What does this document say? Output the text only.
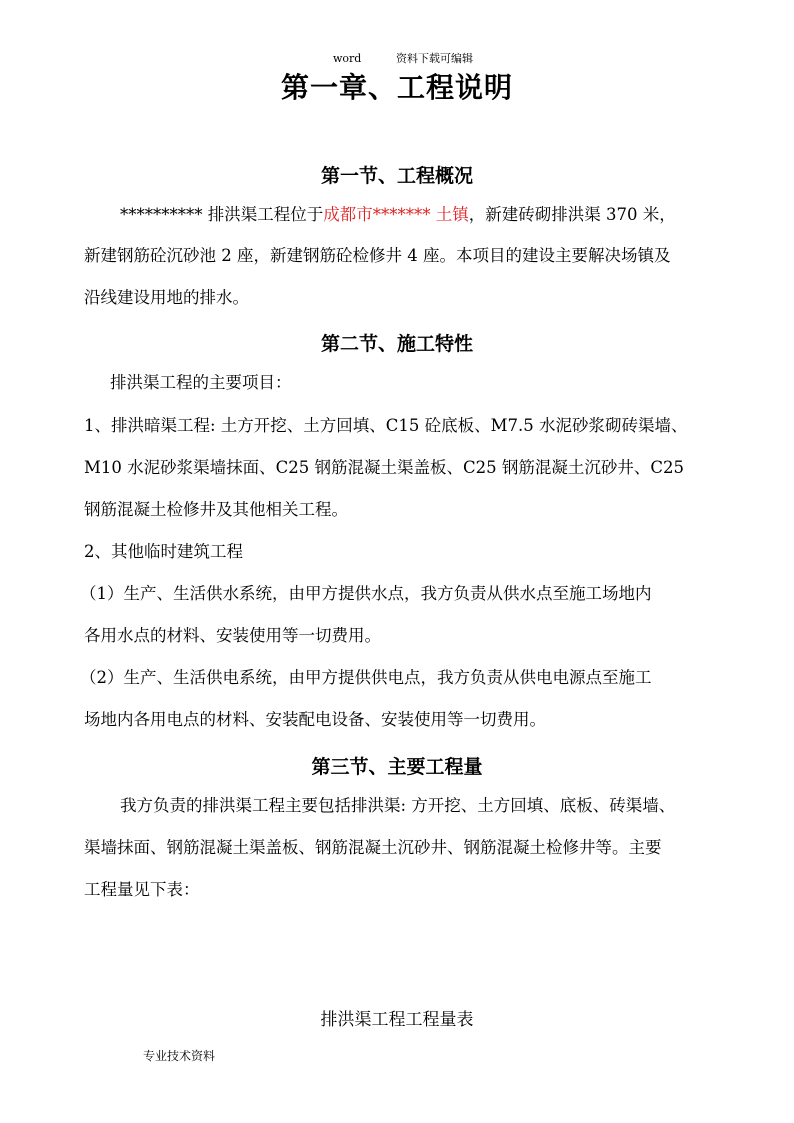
word	资料下载可编辑
第一章、工程说明
第一节、工程概况
********** 排洪渠工程位于成都市******* 土镇，新建砖砌排洪渠 370 米，
新建钢筋砼沉砂池 2 座，新建钢筋砼检修井 4 座。本项目的建设主要解决场镇及
沿线建设用地的排水。
第二节、施工特性
排洪渠工程的主要项目：
1、排洪暗渠工程: 土方开挖、土方回填、C15 砼底板、M7.5 水泥砂浆砌砖渠墙、
M10 水泥砂浆渠墙抹面、C25 钢筋混凝土渠盖板、C25 钢筋混凝土沉砂井、C25
钢筋混凝土检修井及其他相关工程。
2、其他临时建筑工程
（1）生产、生活供水系统，由甲方提供水点，我方负责从供水点至施工场地内
各用水点的材料、安装使用等一切费用。
（2）生产、生活供电系统，由甲方提供供电点，我方负责从供电电源点至施工
场地内各用电点的材料、安装配电设备、安装使用等一切费用。
第三节、主要工程量
我方负责的排洪渠工程主要包括排洪渠: 方开挖、土方回填、底板、砖渠墙、
渠墙抹面、钢筋混凝土渠盖板、钢筋混凝土沉砂井、钢筋混凝土检修井等。主要
工程量见下表：
排洪渠工程工程量表
专业技术资料
